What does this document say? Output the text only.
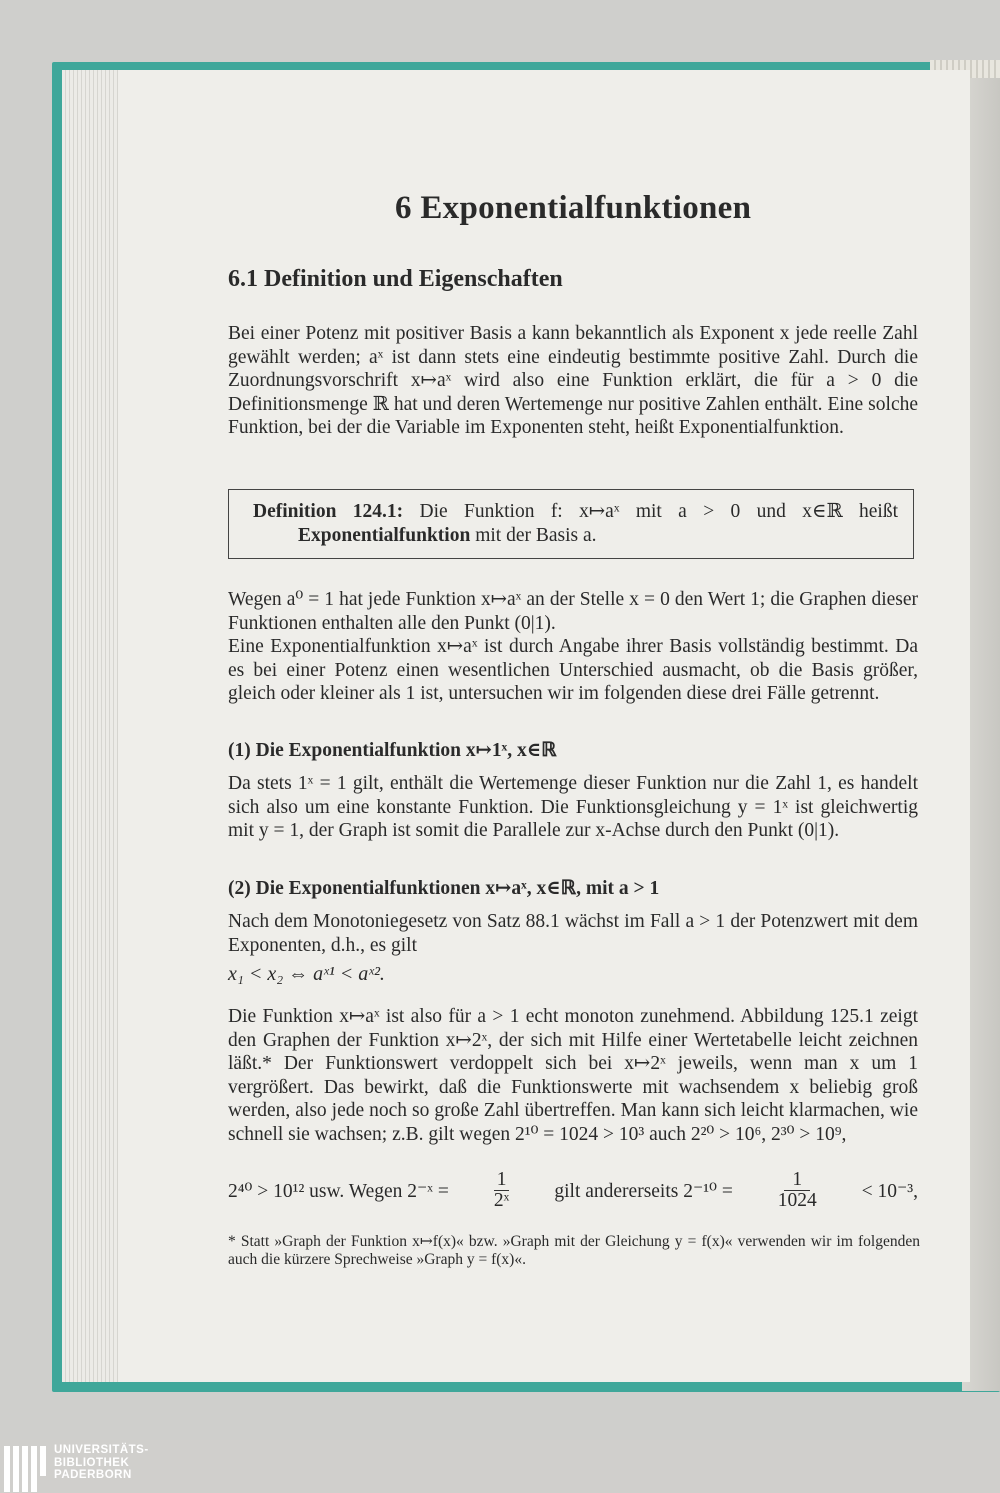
6 Exponentialfunktionen
6.1 Definition und Eigenschaften

Bei einer Potenz mit positiver Basis a kann bekanntlich als Exponent x jede reelle Zahl gewählt werden; aˣ ist dann stets eine eindeutig bestimmte positive Zahl. Durch die Zuordnungsvorschrift x↦aˣ wird also eine Funktion erklärt, die für a > 0 die Definitionsmenge ℝ hat und deren Wertemenge nur positive Zahlen enthält. Eine solche Funktion, bei der die Variable im Exponenten steht, heißt Exponentialfunktion.

Definition 124.1: Die Funktion f: x↦aˣ mit a > 0 und x∈ℝ heißt
Exponentialfunktion mit der Basis a.

Wegen a⁰ = 1 hat jede Funktion x↦aˣ an der Stelle x = 0 den Wert 1; die Graphen dieser Funktionen enthalten alle den Punkt (0|1).

Eine Exponentialfunktion x↦aˣ ist durch Angabe ihrer Basis vollständig bestimmt. Da es bei einer Potenz einen wesentlichen Unterschied ausmacht, ob die Basis größer, gleich oder kleiner als 1 ist, untersuchen wir im folgenden diese drei Fälle getrennt.

(1) Die Exponentialfunktion x↦1ˣ, x∈ℝ

Da stets 1ˣ = 1 gilt, enthält die Wertemenge dieser Funktion nur die Zahl 1, es handelt sich also um eine konstante Funktion. Die Funktionsgleichung y = 1ˣ ist gleichwertig mit y = 1, der Graph ist somit die Parallele zur x-Achse durch den Punkt (0|1).

(2) Die Exponentialfunktionen x↦aˣ, x∈ℝ, mit a > 1

Nach dem Monotoniegesetz von Satz 88.1 wächst im Fall a > 1 der Potenzwert mit dem Exponenten, d.h., es gilt

x₁ < x₂ ⇔ aˣ¹ < aˣ².

Die Funktion x↦aˣ ist also für a > 1 echt monoton zunehmend. Abbildung 125.1 zeigt den Graphen der Funktion x↦2ˣ, der sich mit Hilfe einer Wertetabelle leicht zeichnen läßt.* Der Funktionswert verdoppelt sich bei x↦2ˣ jeweils, wenn man x um 1 vergrößert. Das bewirkt, daß die Funktionswerte mit wachsendem x beliebig groß werden, also jede noch so große Zahl übertreffen. Man kann sich leicht klarmachen, wie schnell sie wachsen; z.B. gilt wegen 2¹⁰ = 1024 > 10³ auch 2²⁰ > 10⁶, 2³⁰ > 10⁹,

2⁴⁰ > 10¹² usw. Wegen 2⁻ˣ = $\frac{1}{\text{2ˣ}}$ gilt andererseits $2^{-10} = \frac{1}{1024} < 10^{-3}$,
* Statt »Graph der Funktion x↦f(x)« bzw. »Graph mit der Gleichung y = f(x)« verwenden wir im folgenden auch die kürzere Sprechweise »Graph y = f(x)«.
UNIVERSITÄTS-
BIBLIOTHEK
PADERBORN
